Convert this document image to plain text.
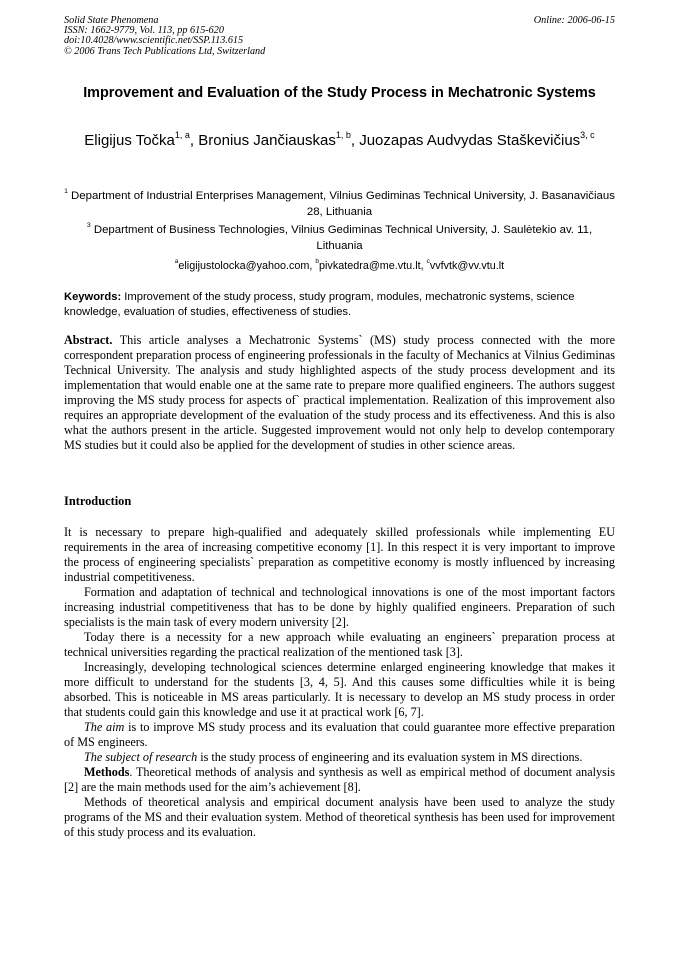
Solid State Phenomena
ISSN: 1662-9779, Vol. 113, pp 615-620
doi:10.4028/www.scientific.net/SSP.113.615
© 2006 Trans Tech Publications Ltd, Switzerland
Online: 2006-06-15
Improvement and Evaluation of the Study Process in Mechatronic Systems
Eligijus Točka$^{1, a}$, Bronius Jančiauskas$^{1, b}$, Juozapas Audvydas Staškevičius$^{3, c}$
$^1$ Department of Industrial Enterprises Management, Vilnius Gediminas Technical University, J. Basanavičiaus 28, Lithuania
$^3$ Department of Business Technologies, Vilnius Gediminas Technical University, J. Saulėtekio av. 11, Lithuania
$^a$eligijustolocka@yahoo.com, $^b$pivkatedra@me.vtu.lt, $^c$vvfvtk@vv.vtu.lt
Keywords: Improvement of the study process, study program, modules, mechatronic systems, science knowledge, evaluation of studies, effectiveness of studies.
Abstract. This article analyses a Mechatronic Systems` (MS) study process connected with the more correspondent preparation process of engineering professionals in the faculty of Mechanics at Vilnius Gediminas Technical University. The analysis and study highlighted aspects of the study process development and its implementation that would enable one at the same rate to prepare more qualified engineers. The authors suggest improving the MS study process for aspects of` practical implementation. Realization of this improvement also requires an appropriate development of the evaluation of the study process and its effectiveness. And this is also what the authors present in the article. Suggested improvement would not only help to develop contemporary MS studies but it could also be applied for the development of studies in other science areas.
Introduction

It is necessary to prepare high-qualified and adequately skilled professionals while implementing EU requirements in the area of increasing competitive economy [1]. In this respect it is very important to improve the process of engineering specialists` preparation as competitive economy is mostly influenced by increasing industrial competitiveness.

Formation and adaptation of technical and technological innovations is one of the most important factors increasing industrial competitiveness that has to be done by highly qualified engineers. Preparation of such specialists is the main task of every modern university [2].

Today there is a necessity for a new approach while evaluating an engineers` preparation process at technical universities regarding the practical realization of the mentioned task [3].

Increasingly, developing technological sciences determine enlarged engineering knowledge that makes it more difficult to understand for the students [3, 4, 5]. And this causes some difficulties while it is being absorbed. This is noticeable in MS areas particularly. It is necessary to develop an MS study process in order that students could gain this knowledge and use it at practical work [6, 7].

The aim is to improve MS study process and its evaluation that could guarantee more effective preparation of MS engineers.

The subject of research is the study process of engineering and its evaluation system in MS directions.

Methods. Theoretical methods of analysis and synthesis as well as empirical method of document analysis [2] are the main methods used for the aim’s achievement [8].

Methods of theoretical analysis and empirical document analysis have been used to analyze the study programs of the MS and their evaluation system. Method of theoretical synthesis has been used for improvement of this study process and its evaluation.
